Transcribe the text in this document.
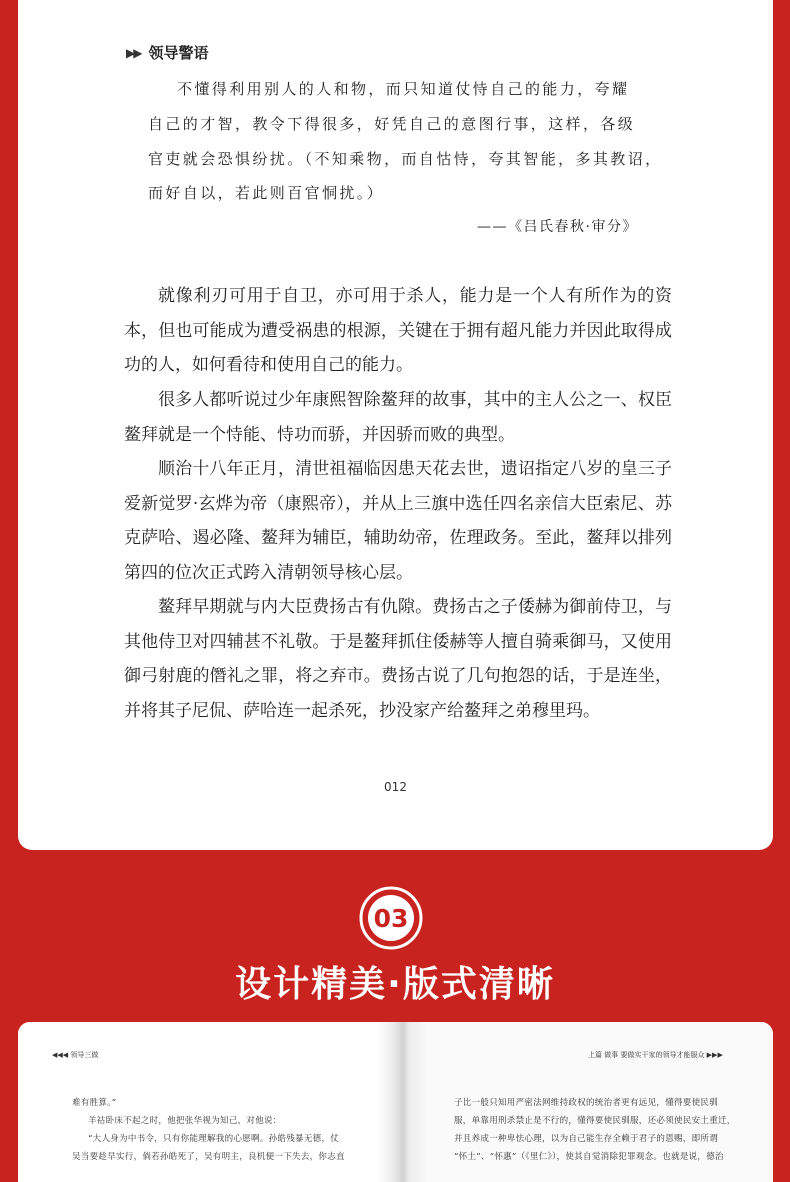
▶▶ 领导警语
不懂得利用别人的人和物，而只知道仗恃自己的能力，夸耀
自己的才智，教令下得很多，好凭自己的意图行事，这样，各级
官吏就会恐惧纷扰。（不知乘物，而自怙恃，夸其智能，多其教诏，
而好自以，若此则百官恫扰。）
——《吕氏春秋·审分》

就像利刃可用于自卫，亦可用于杀人，能力是一个人有所作为的资本，但也可能成为遭受祸患的根源，关键在于拥有超凡能力并因此取得成功的人，如何看待和使用自己的能力。

很多人都听说过少年康熙智除鳌拜的故事，其中的主人公之一、权臣鳌拜就是一个恃能、恃功而骄，并因骄而败的典型。

顺治十八年正月，清世祖福临因患天花去世，遗诏指定八岁的皇三子爱新觉罗·玄烨为帝（康熙帝），并从上三旗中选任四名亲信大臣索尼、苏克萨哈、遏必隆、鳌拜为辅臣，辅助幼帝，佐理政务。至此，鳌拜以排列第四的位次正式跨入清朝领导核心层。

鳌拜早期就与内大臣费扬古有仇隙。费扬古之子倭赫为御前侍卫，与其他侍卫对四辅甚不礼敬。于是鳌拜抓住倭赫等人擅自骑乘御马，又使用御弓射鹿的僭礼之罪，将之弃市。费扬古说了几句抱怨的话，于是连坐，并将其子尼侃、萨哈连一起杀死，抄没家产给鳌拜之弟穆里玛。

012
03
设计精美·版式清晰
◀◀◀ 领导三做
难有胜算。”
羊祜卧床不起之时，他把张华视为知己，对他说：
“大人身为中书令，只有你能理解我的心愿啊。孙皓残暴无德，仗
吴当要趁早实行，倘若孙皓死了，吴有明主，良机便一下失去，你志直
上篇 做事 要做实干家的领导才能服众 ▶▶▶
子比一般只知用严密法网维持政权的统治者更有远见，懂得要使民驯
服，单靠用刑杀禁止是不行的，懂得要使民驯服，还必须使民安土重迁，
并且养成一种卑怯心理，以为自己能生存全赖于君子的恩赐，即所谓
“怀土”、“怀惠”（《里仁》），使其自觉消除犯罪观念。也就是说，德治
